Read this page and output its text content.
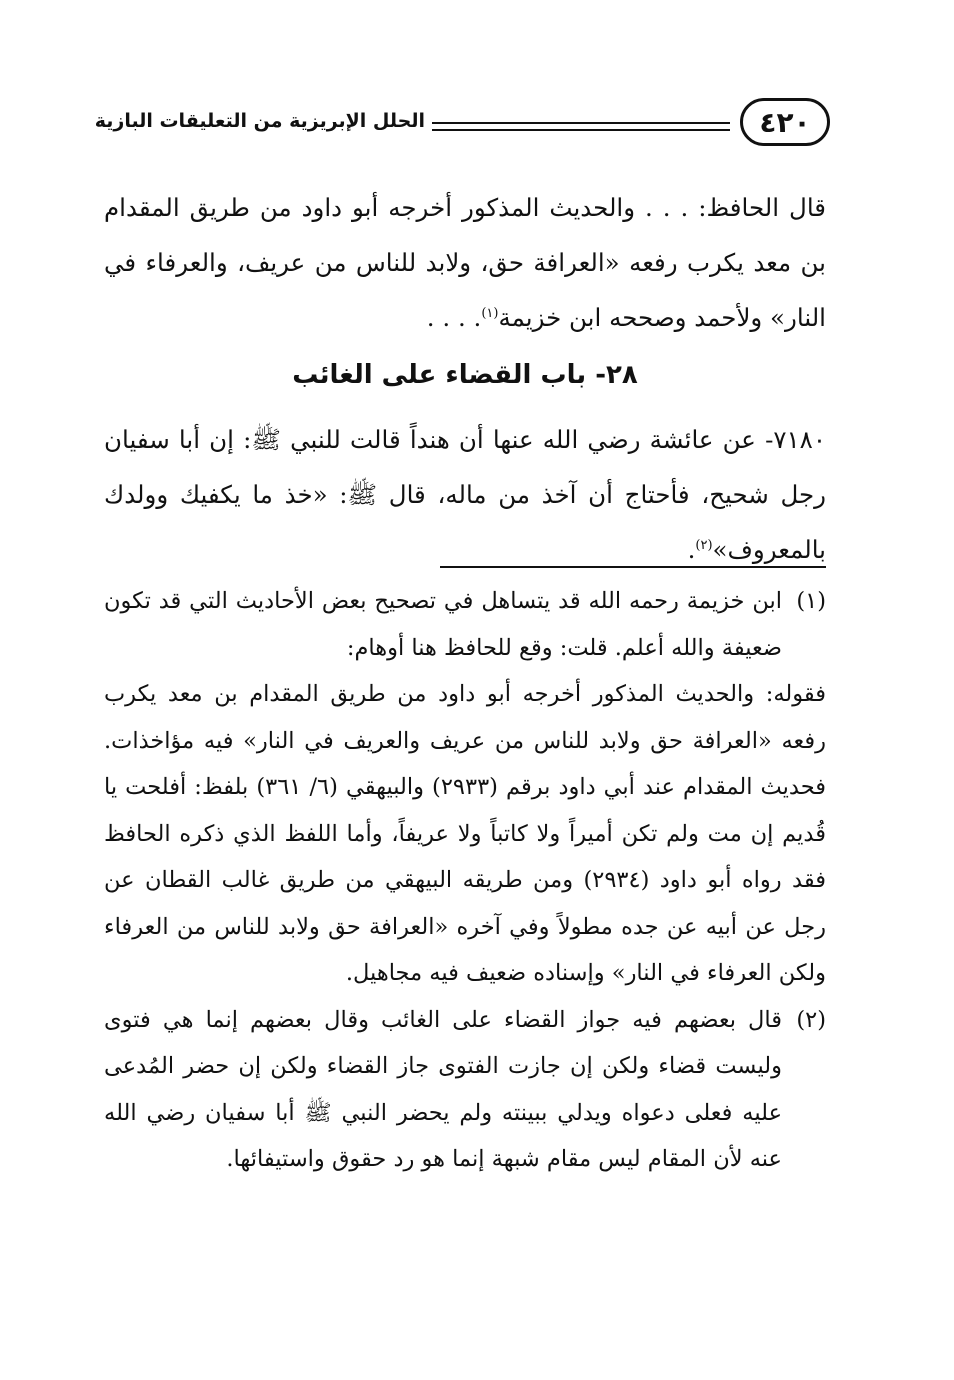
الحلل الإبريزية من التعليقات البازية	٤٢٠
قال الحافظ: . . . والحديث المذكور أخرجه أبو داود من طريق المقدام بن معد يكرب رفعه «العرافة حق، ولابد للناس من عريف، والعرفاء في النار» ولأحمد وصححه ابن خزيمة$^{(١)}$. . . .
٢٨- باب القضاء على الغائب
٧١٨٠- عن عائشة رضي الله عنها أن هنداً قالت للنبي ﷺ: إن أبا سفيان رجل شحيح، فأحتاج أن آخذ من ماله، قال ﷺ: «خذ ما يكفيك وولدك بالمعروف»$^{(٢)}$.
(١)

ابن خزيمة رحمه الله قد يتساهل في تصحيح بعض الأحاديث التي قد تكون ضعيفة والله أعلم. قلت: وقع للحافظ هنا أوهام:

فقوله: والحديث المذكور أخرجه أبو داود من طريق المقدام بن معد يكرب رفعه «العرافة حق ولابد للناس من عريف والعريف في النار» فيه مؤاخذات. فحديث المقدام عند أبي داود برقم (٢٩٣٣) والبيهقي (٦/ ٣٦١) بلفظ: أفلحت يا قُديم إن مت ولم تكن أميراً ولا كاتباً ولا عريفاً، وأما اللفظ الذي ذكره الحافظ فقد رواه أبو داود (٢٩٣٤) ومن طريقه البيهقي من طريق غالب القطان عن رجل عن أبيه عن جده مطولاً وفي آخره «العرافة حق ولابد للناس من العرفاء ولكن العرفاء في النار» وإسناده ضعيف فيه مجاهيل.

(٢)

قال بعضهم فيه جواز القضاء على الغائب وقال بعضهم إنما هي فتوى وليست قضاء ولكن إن جازت الفتوى جاز القضاء ولكن إن حضر المُدعى عليه فعلى دعواه ويدلي ببينته ولم يحضر النبي ﷺ أبا سفيان رضي الله عنه لأن المقام ليس مقام شبهة إنما هو رد حقوق واستيفائها.
